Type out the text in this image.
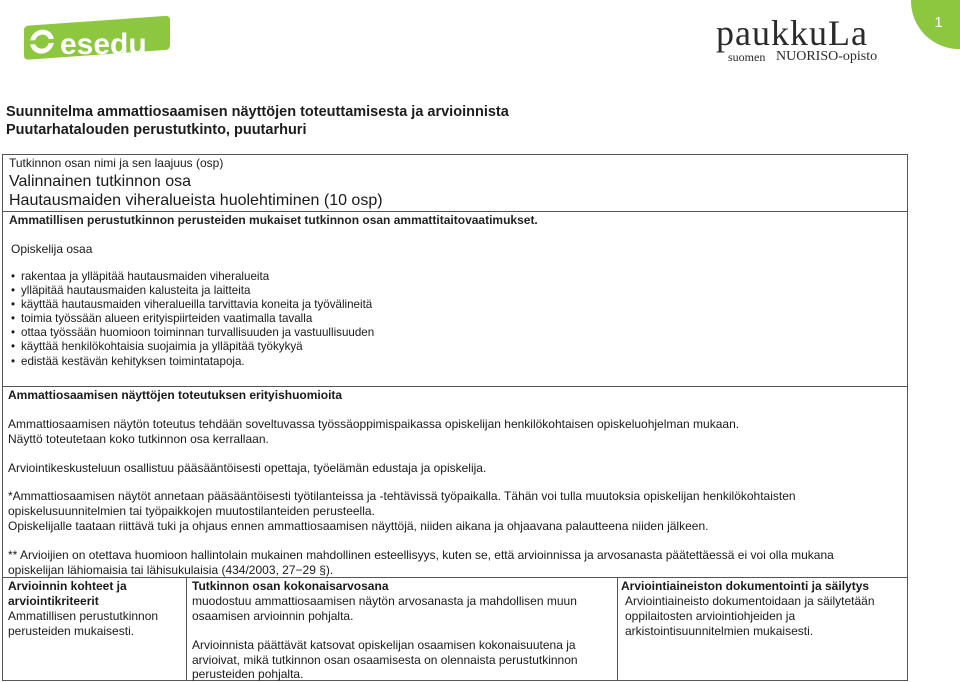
esedu	paukkuLa
suomen NUORISO-opisto
1
Suunnitelma ammattiosaamisen näyttöjen toteuttamisesta ja arvioinnista
Puutarhatalouden perustutkinto, puutarhuri
Tutkinnon osan nimi ja sen laajuus (osp)
Valinnainen tutkinnon osa
Hautausmaiden viheralueista huolehtiminen (10 osp)
Ammatillisen perustutkinnon perusteiden mukaiset tutkinnon osan ammattitaitovaatimukset.
Opiskelija osaa
• rakentaa ja ylläpitää hautausmaiden viheralueita
• ylläpitää hautausmaiden kalusteita ja laitteita
• käyttää hautausmaiden viheralueilla tarvittavia koneita ja työvälineitä
• toimia työssään alueen erityispiirteiden vaatimalla tavalla
• ottaa työssään huomioon toiminnan turvallisuuden ja vastuullisuuden
• käyttää henkilökohtaisia suojaimia ja ylläpitää työkykyä
• edistää kestävän kehityksen toimintatapoja.
Ammattiosaamisen näyttöjen toteutuksen erityishuomioita
Ammattiosaamisen näytön toteutus tehdään soveltuvassa työssäoppimispaikassa opiskelijan henkilökohtaisen opiskeluohjelman mukaan.
Näyttö toteutetaan koko tutkinnon osa kerrallaan.
Arviointikeskusteluun osallistuu pääsääntöisesti opettaja, työelämän edustaja ja opiskelija.
*Ammattiosaamisen näytöt annetaan pääsääntöisesti työtilanteissa ja -tehtävissä työpaikalla. Tähän voi tulla muutoksia opiskelijan henkilökohtaisten
opiskelusuunnitelmien tai työpaikkojen muutostilanteiden perusteella.
Opiskelijalle taataan riittävä tuki ja ohjaus ennen ammattiosaamisen näyttöjä, niiden aikana ja ohjaavana palautteena niiden jälkeen.
** Arvioijien on otettava huomioon hallintolain mukainen mahdollinen esteellisyys, kuten se, että arvioinnissa ja arvosanasta päätettäessä ei voi olla mukana
opiskelijan lähiomaisia tai lähisukulaisia (434/2003, 27−29 §).
Arvioinnin kohteet ja
arviointikriteerit
Ammatillisen perustutkinnon
perusteiden mukaisesti.
Tutkinnon osan kokonaisarvosana
muodostuu ammattiosaamisen näytön arvosanasta ja mahdollisen muun
osaamisen arvioinnin pohjalta.
Arvioinnista päättävät katsovat opiskelijan osaamisen kokonaisuutena ja
arvioivat, mikä tutkinnon osan osaamisesta on olennaista perustutkinnon
perusteiden pohjalta.
Arviointiaineiston dokumentointi ja säilytys
Arviointiaineisto dokumentoidaan ja säilytetään
oppilaitosten arviointiohjeiden ja
arkistointisuunnitelmien mukaisesti.
